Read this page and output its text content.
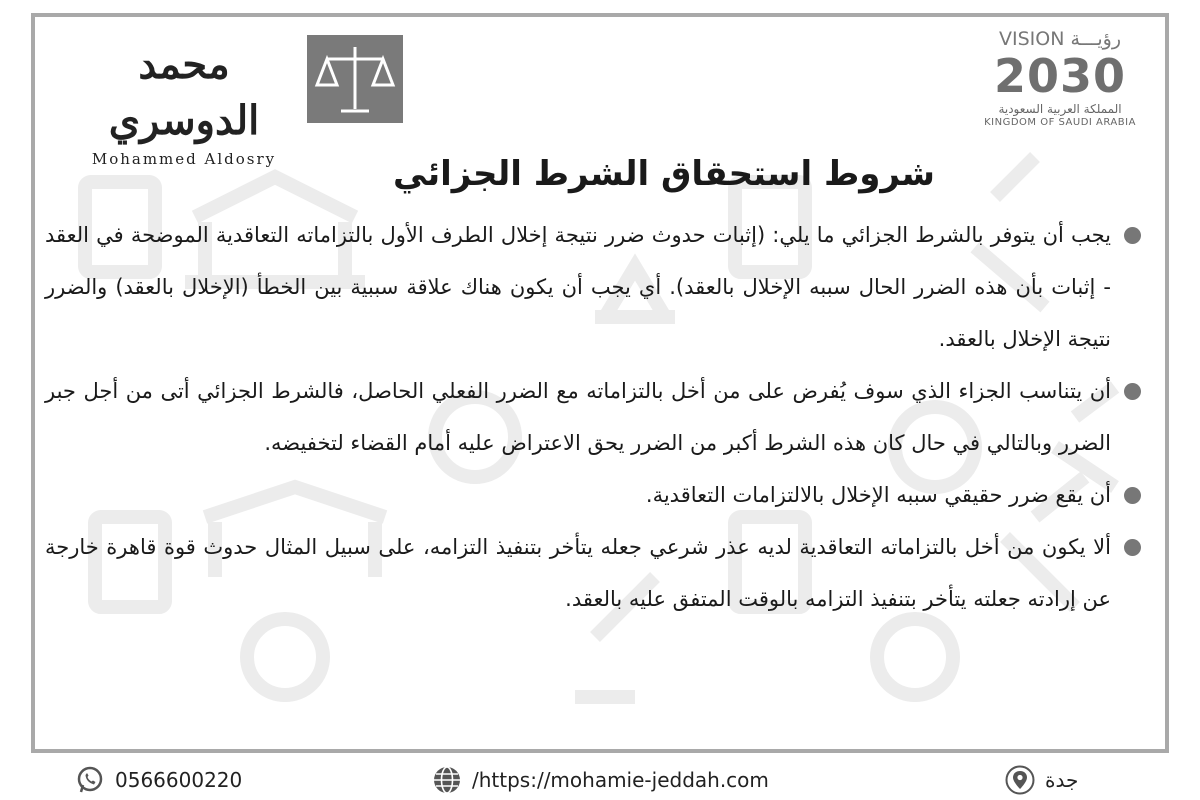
محمد الدوسري
Mohammed Aldosry
VISION رؤيـــة
2030
المملكة العربية السعودية
KINGDOM OF SAUDI ARABIA
شروط استحقاق الشرط الجزائي
يجب أن يتوفر بالشرط الجزائي ما يلي: (إثبات حدوث ضرر نتيجة إخلال الطرف الأول بالتزاماته التعاقدية الموضحة في العقد - إثبات بأن هذه الضرر الحال سببه الإخلال بالعقد). أي يجب أن يكون هناك علاقة سببية بين الخطأ (الإخلال بالعقد) والضرر نتيجة الإخلال بالعقد.
أن يتناسب الجزاء الذي سوف يُفرض على من أخل بالتزاماته مع الضرر الفعلي الحاصل، فالشرط الجزائي أتى من أجل جبر الضرر وبالتالي في حال كان هذه الشرط أكبر من الضرر يحق الاعتراض عليه أمام القضاء لتخفيضه.
أن يقع ضرر حقيقي سببه الإخلال بالالتزامات التعاقدية.
ألا يكون من أخل بالتزاماته التعاقدية لديه عذر شرعي جعله يتأخر بتنفيذ التزامه، على سبيل المثال حدوث قوة قاهرة خارجة عن إرادته جعلته يتأخر بتنفيذ التزامه بالوقت المتفق عليه بالعقد.
0566600220	/https://mohamie-jeddah.com	جدة
